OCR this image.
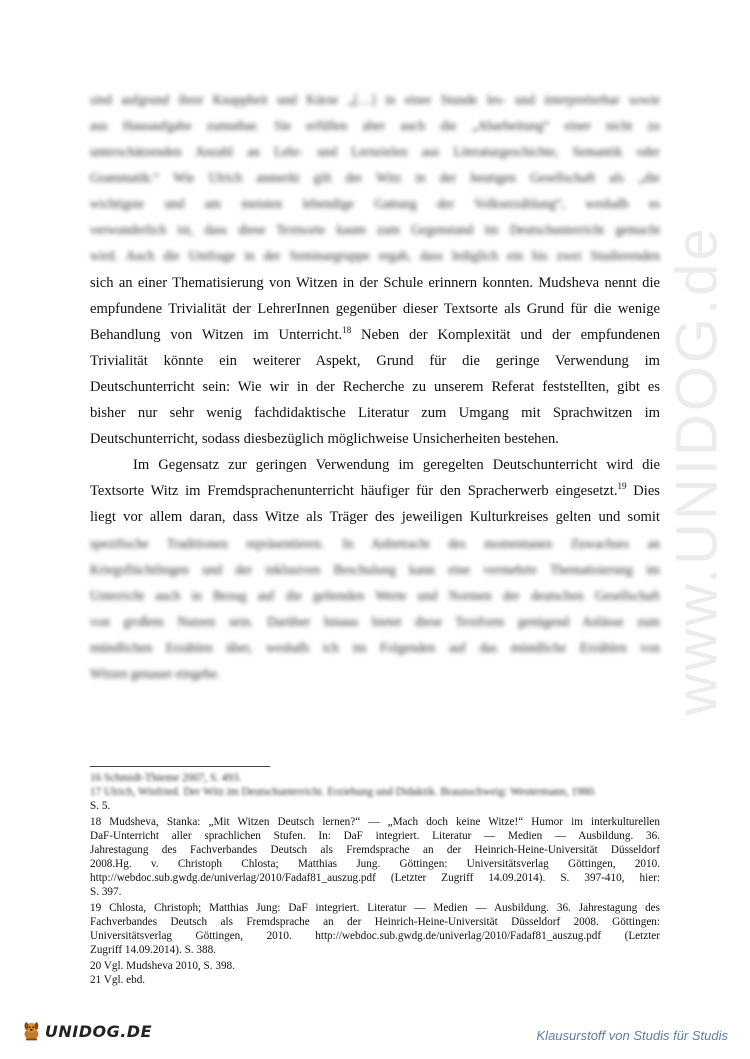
www.UNIDOG.de
sind aufgrund ihrer Knappheit und Kürze „[…] in einer Stunde les- und interpretierbar sowie
aus Hausaufgabe zumutbar. Sie erfüllen aber auch die „Abarbeitung“ einer nicht zu
unterschätzenden Anzahl an Lehr- und Lernzielen aus Literaturgeschichte, Semantik oder
Grammatik.“ Wie Ulrich anmerkt gilt der Witz in der heutigen Gesellschaft als „die
wichtigste und am meisten lebendige Gattung der Volkserzählung“, weshalb es
verwunderlich ist, dass diese Textsorte kaum zum Gegenstand im Deutschunterricht gemacht
wird. Auch die Umfrage in der Seminargruppe ergab, dass lediglich ein bis zwei Studierenden
sich an einer Thematisierung von Witzen in der Schule erinnern konnten. Mudsheva nennt die
empfundene Trivialität der LehrerInnen gegenüber dieser Textsorte als Grund für die wenige
Behandlung von Witzen im Unterricht.$^{18}$ Neben der Komplexität und der empfundenen
Trivialität könnte ein weiterer Aspekt, Grund für die geringe Verwendung im
Deutschunterricht sein: Wie wir in der Recherche zu unserem Referat feststellten, gibt es
bisher nur sehr wenig fachdidaktische Literatur zum Umgang mit Sprachwitzen im
Deutschunterricht, sodass diesbezüglich möglichweise Unsicherheiten bestehen.
Im Gegensatz zur geringen Verwendung im geregelten Deutschunterricht wird die
Textsorte Witz im Fremdsprachenunterricht häufiger für den Spracherwerb eingesetzt.$^{19}$ Dies
liegt vor allem daran, dass Witze als Träger des jeweiligen Kulturkreises gelten und somit
spezifische Traditionen repräsentieren. In Anbetracht des momentanen Zuwachses an
Kriegsflüchtlingen und der inklusiven Beschulung kann eine vermehrte Thematisierung im
Unterricht auch in Bezug auf die geltenden Werte und Normen der deutschen Gesellschaft
von großem Nutzen sein. Darüber hinaus bietet diese Textform genügend Anlässe zum
mündlichen Erzählen über, weshalb ich im Folgenden auf das mündliche Erzählen von
Witzen genauer eingehe.
16 Schmidt-Thieme 2007, S. 493.
17 Ulrich, Winfried. Der Witz im Deutschunterricht. Erziehung und Didaktik. Braunschweig: Westermann, 1980.
S. 5.
18 Mudsheva, Stanka: „Mit Witzen Deutsch lernen?“ — „Mach doch keine Witze!“ Humor im interkulturellen
DaF-Unterricht aller sprachlichen Stufen. In: DaF integriert. Literatur — Medien — Ausbildung. 36.
Jahrestagung des Fachverbandes Deutsch als Fremdsprache an der Heinrich-Heine-Universität Düsseldorf
2008.Hg. v. Christoph Chlosta; Matthias Jung. Göttingen: Universitätsverlag Göttingen, 2010.
http://webdoc.sub.gwdg.de/univerlag/2010/Fadaf81_auszug.pdf (Letzter Zugriff 14.09.2014). S. 397-410, hier:
S. 397.
19 Chlosta, Christoph; Matthias Jung: DaF integriert. Literatur — Medien — Ausbildung. 36. Jahrestagung des
Fachverbandes Deutsch als Fremdsprache an der Heinrich-Heine-Universität Düsseldorf 2008. Göttingen:
Universitätsverlag Göttingen, 2010. http://webdoc.sub.gwdg.de/univerlag/2010/Fadaf81_auszug.pdf (Letzter
Zugriff 14.09.2014). S. 388.
20 Vgl. Mudsheva 2010, S. 398.
21 Vgl. ebd.
UNIDOG.DE	Klausurstoff von Studis für Studis
